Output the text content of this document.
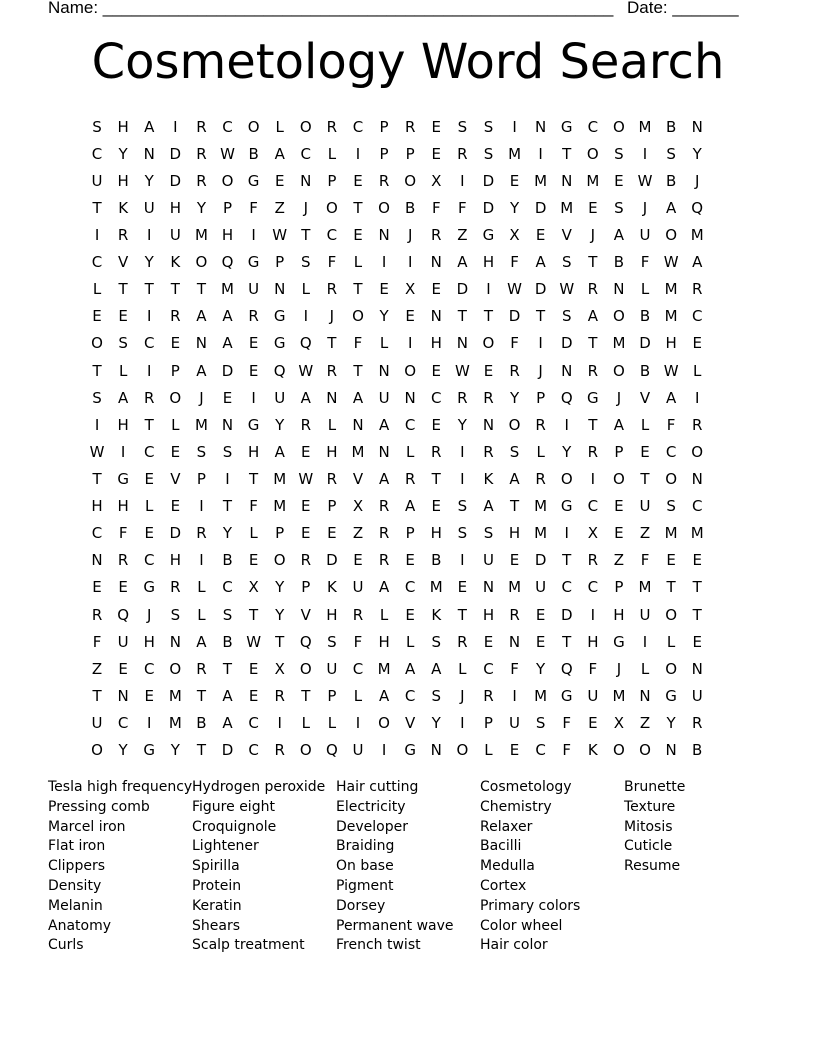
Name: ______________________________________________________ Date: _______
Cosmetology Word Search
S	H	A	I	R	C O	L	O R	C	P	R	E	S	S	I	N G	C O M B	N
C	Y	N D	R W B	A	C	L	I	P	P	E	R	S M	I	T	O	S	I	S	Y
U H	Y	D	R O G	E	N	P	E	R O	X	I	D	E M N M E W B	J
T	K	U H	Y	P	F	Z	J	O	T	O	B	F	F	D	Y	D M E	S	J	A	Q
I	R	I	U M H	I	W T	C	E	N	J	R	Z	G	X	E	V	J	A	U O M
C	V	Y	K	O Q G	P	S	F	L	I	I	N	A	H	F	A	S	T	B	F W A
L	T	T	T	T	M U N	L	R	T	E	X	E	D	I	W D W R	N	L	M R
E	E	I	R	A	A	R	G	I	J	O	Y	E	N	T	T	D	T	S	A	O	B M C
O	S	C	E	N	A	E	G Q	T	F	L	I	H N O	F	I	D	T	M D H	E
T	L	I	P	A	D	E	Q W R	T	N O	E W E	R	J	N	R O	B W L
S	A	R O	J	E	I	U	A	N	A	U N	C	R	R	Y	P	Q G	J	V	A	I
I	H	T	L	M N G	Y	R	L	N	A	C	E	Y	N O R	I	T	A	L	F	R
W	I	C	E	S	S	H	A	E	H M N	L	R	I	R	S	L	Y	R	P	E	C O
T	G	E	V	P	I	T	M W R	V	A	R	T	I	K	A	R O	I	O	T	O N
H H	L	E	I	T	F	M E	P	X	R	A	E	S	A	T	M G	C	E	U	S	C
C	F	E	D	R	Y	L	P	E	E	Z	R	P	H	S	S	H M	I	X	E	Z M M
N	R	C	H	I	B	E	O R	D	E	R	E	B	I	U	E	D	T	R	Z	F	E	E
E	E	G	R	L	C	X	Y	P	K	U	A	C M E	N M U	C	C	P	M	T	T
R Q	J	S	L	S	T	Y	V	H	R	L	E	K	T	H	R	E	D	I	H U O	T
F	U H N	A	B W T	Q	S	F	H	L	S	R	E	N	E	T	H G	I	L	E
Z	E	C O R	T	E	X	O U	C M A	A	L	C	F	Y	Q	F	J	L	O N
T	N	E M	T	A	E	R	T	P	L	A	C	S	J	R	I	M G U M N G U
U	C	I	M B	A	C	I	L	L	I	O	V	Y	I	P	U	S	F	E	X	Z	Y	R
O	Y	G	Y	T	D	C	R O Q U	I	G N O	L	E	C	F	K	O O N	B
Tesla high frequency
Pressing comb
Marcel iron
Flat iron
Clippers
Density
Melanin
Anatomy
Curls
Hydrogen peroxide
Figure eight
Croquignole
Lightener
Spirilla
Protein
Keratin
Shears
Scalp treatment
Hair cutting
Electricity
Developer
Braiding
On base
Pigment
Dorsey
Permanent wave
French twist
Cosmetology
Chemistry
Relaxer
Bacilli
Medulla
Cortex
Primary colors
Color wheel
Hair color
Brunette
Texture
Mitosis
Cuticle
Resume
